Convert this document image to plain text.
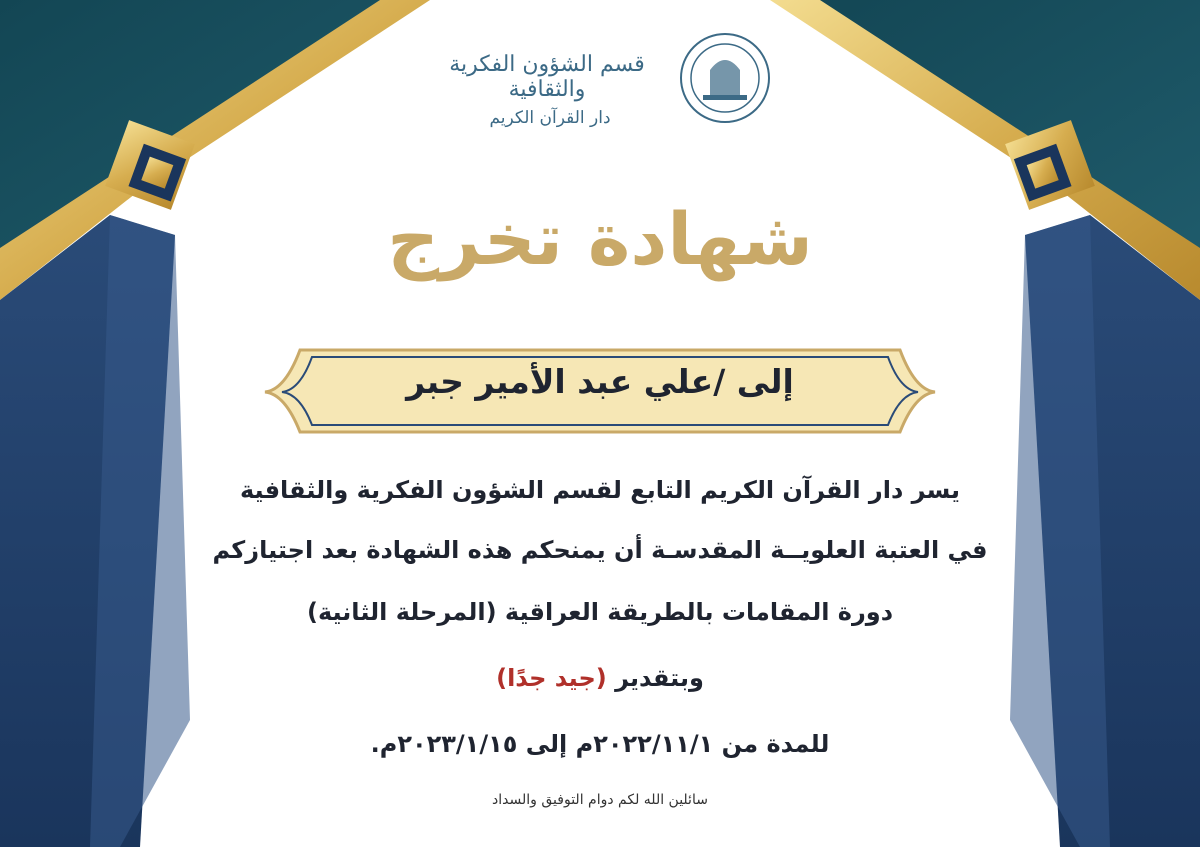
قسم الشؤون الفكرية والثقافية
دار القرآن الكريم
شهادة تخرج
إلى /علي عبد الأمير جبر
يسر دار القرآن الكريم التابع لقسم الشؤون الفكرية والثقافية
في العتبة العلويــة المقدسـة أن يمنحكم هذه الشهادة بعد اجتيازكم
دورة المقامات بالطريقة العراقية (المرحلة الثانية)
وبتقدير (جيد جدًا)
للمدة من ٢٠٢٢/١١/١م إلى ٢٠٢٣/١/١٥م.
سائلين الله لكم دوام التوفيق والسداد
